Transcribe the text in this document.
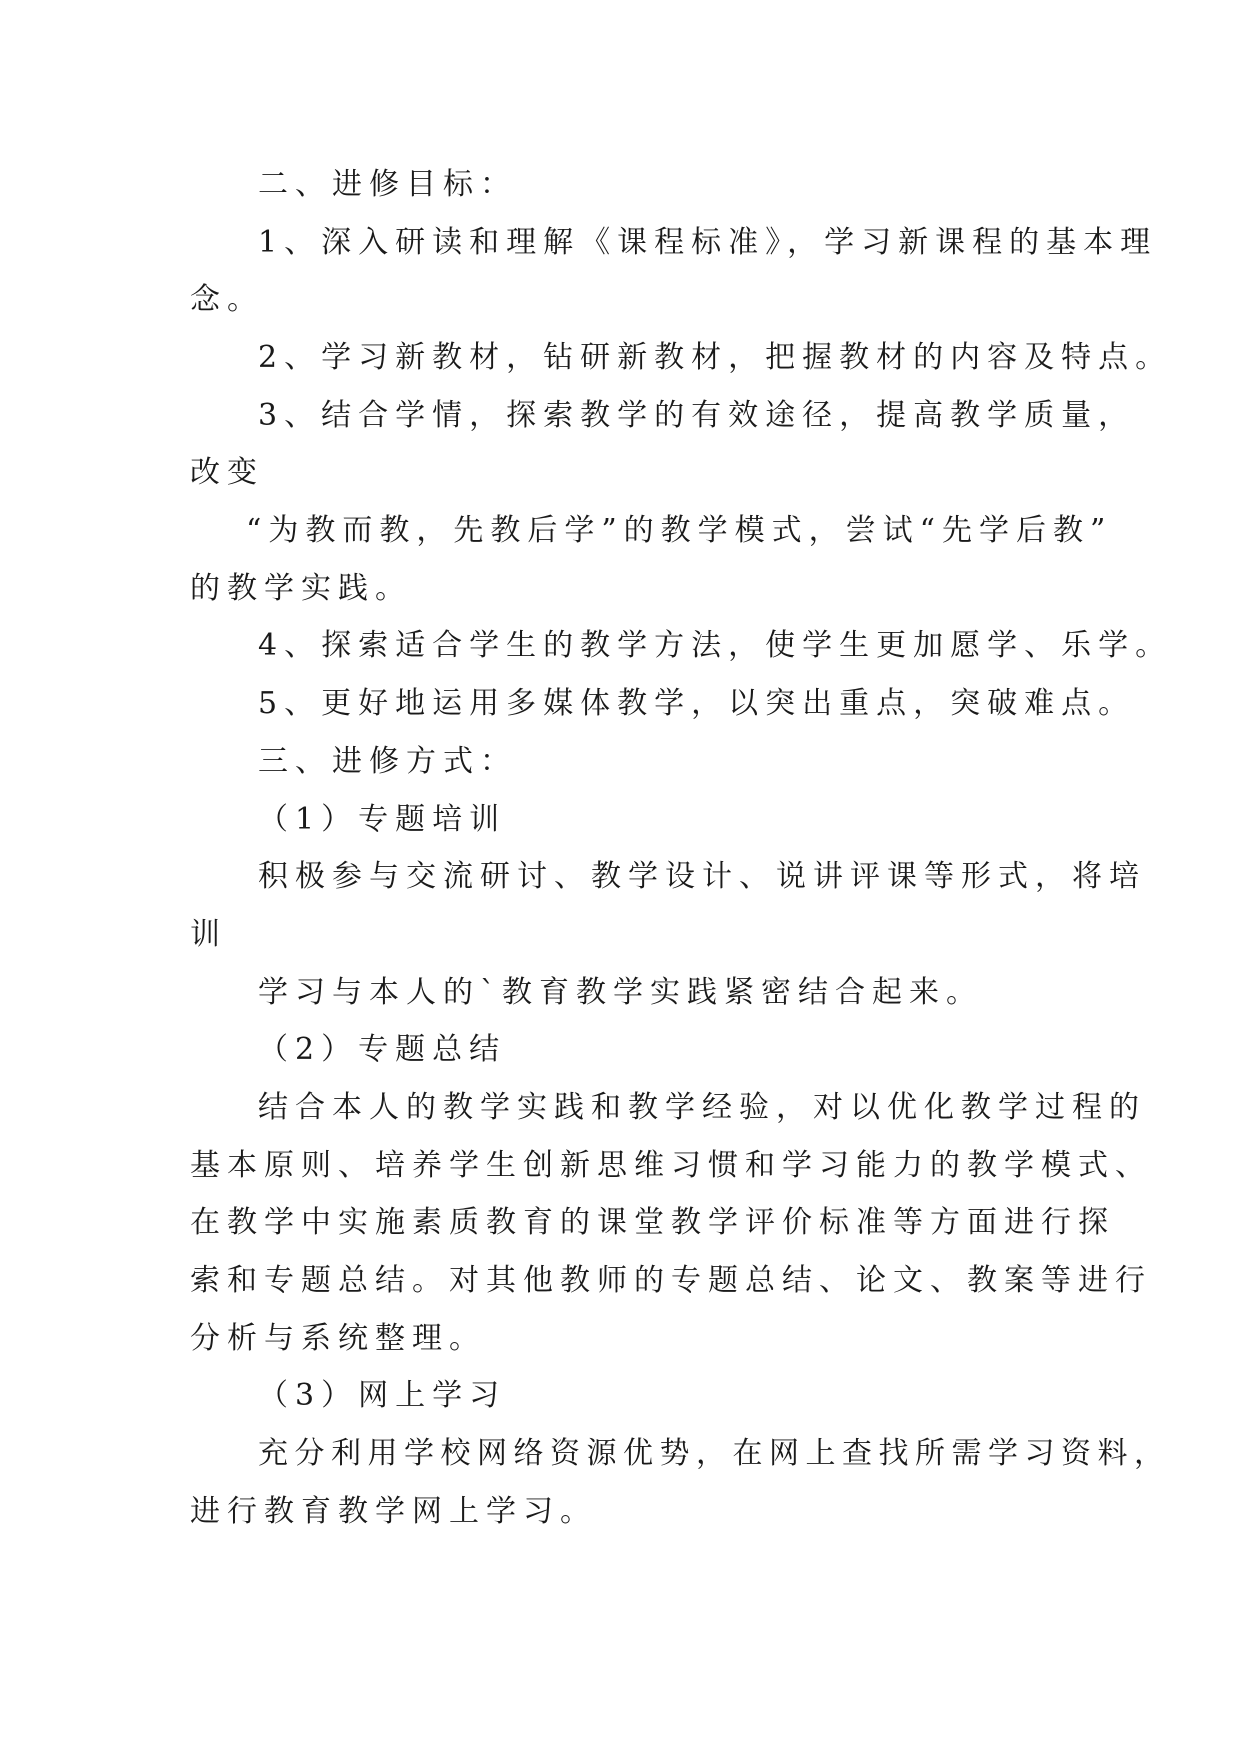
二、进修目标：

1、深入研读和理解《课程标准》，学习新课程的基本理

念。

2、学习新教材，钻研新教材，把握教材的内容及特点。

3、结合学情，探索教学的有效途径，提高教学质量，

改变

“为教而教，先教后学”的教学模式，尝试“先学后教”

的教学实践。

4、探索适合学生的教学方法，使学生更加愿学、乐学。

5、更好地运用多媒体教学，以突出重点，突破难点。

三、进修方式：

（1）专题培训

积极参与交流研讨、教学设计、说讲评课等形式，将培

训

学习与本人的`教育教学实践紧密结合起来。

（2）专题总结

结合本人的教学实践和教学经验，对以优化教学过程的

基本原则、培养学生创新思维习惯和学习能力的教学模式、

在教学中实施素质教育的课堂教学评价标准等方面进行探

索和专题总结。对其他教师的专题总结、论文、教案等进行

分析与系统整理。

（3）网上学习

充分利用学校网络资源优势，在网上查找所需学习资料，

进行教育教学网上学习。
